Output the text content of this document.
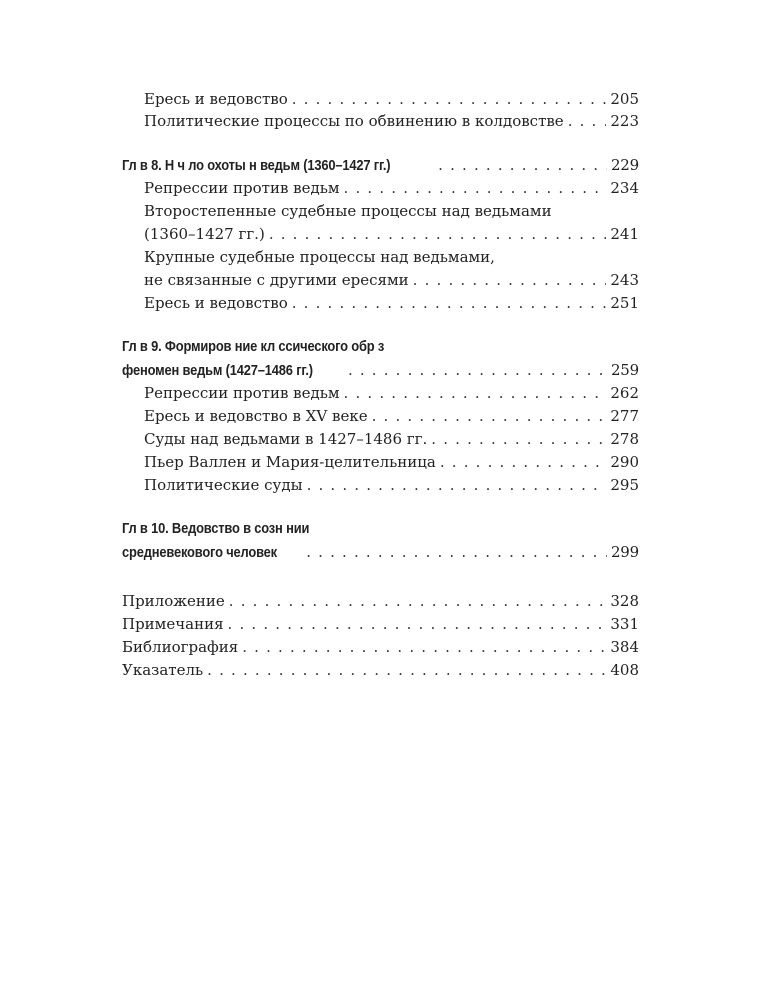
Ересь и ведовство . . .	205
Политические процессы по обвинению в колдовстве . . .	223
Гл в 8. Н ч ло охоты н ведьм (1360–1427 гг.) . . .	229
Репрессии против ведьм . . .	234
Второстепенные судебные процессы над ведьмами
(1360–1427 гг.) . . .	241
Крупные судебные процессы над ведьмами,
не связанные с другими ересями . . .	243
Ересь и ведовство . . .	251
Гл в 9. Формиров ние кл ссического обр з
феномен ведьм (1427–1486 гг.) . . .	259
Репрессии против ведьм . . .	262
Ересь и ведовство в XV веке . . .	277
Суды над ведьмами в 1427–1486 гг. . . .	278
Пьер Валлен и Мария-целительница . . .	290
Политические суды . . .	295
Гл в 10. Ведовство в созн нии
средневекового человек . . .	299
Приложение . . .	328
Примечания . . .	331
Библиография . . .	384
Указатель . . .	408
